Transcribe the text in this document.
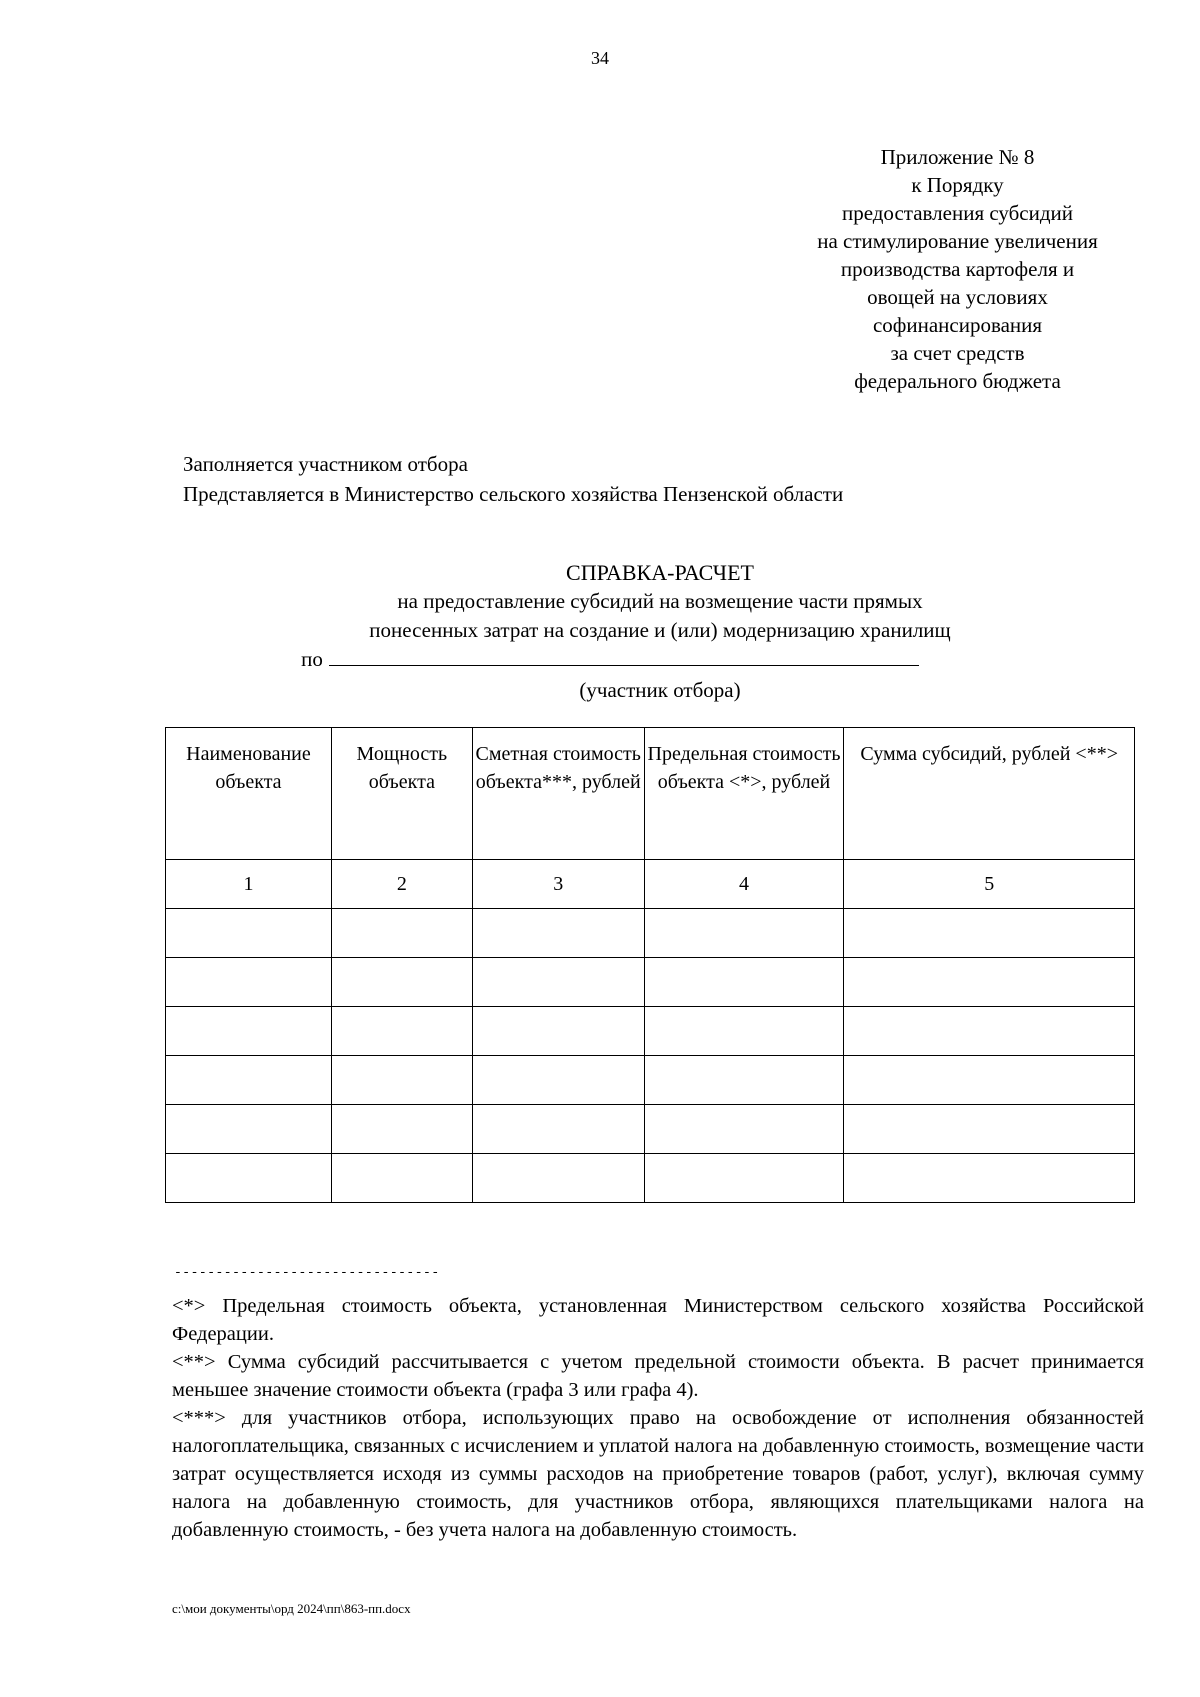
34
Приложение № 8
к Порядку
предоставления субсидий
на стимулирование увеличения
производства картофеля и
овощей на условиях
софинансирования
за счет средств
федерального бюджета
Заполняется участником отбора
Представляется в Министерство сельского хозяйства Пензенской области
СПРАВКА-РАСЧЕТ
на предоставление субсидий на возмещение части прямых
понесенных затрат на создание и (или) модернизацию хранилищ
по
(участник отбора)
Наименование объекта	Мощность объекта	Сметная стоимость объекта***, рублей	Предельная стоимость объекта <*>, рублей	Сумма субсидий, рублей <**>
1	2	3	4	5

--------------------------------

<*> Предельная стоимость объекта, установленная Министерством сельского хозяйства Российской Федерации.

<**> Сумма субсидий рассчитывается с учетом предельной стоимости объекта. В расчет принимается меньшее значение стоимости объекта (графа 3 или графа 4).

<***> для участников отбора, использующих право на освобождение от исполнения обязанностей налогоплательщика, связанных с исчислением и уплатой налога на добавленную стоимость, возмещение части затрат осуществляется исходя из суммы расходов на приобретение товаров (работ, услуг), включая сумму налога на добавленную стоимость, для участников отбора, являющихся плательщиками налога на добавленную стоимость, - без учета налога на добавленную стоимость.

c:\мои документы\орд 2024\пп\863-пп.docx
